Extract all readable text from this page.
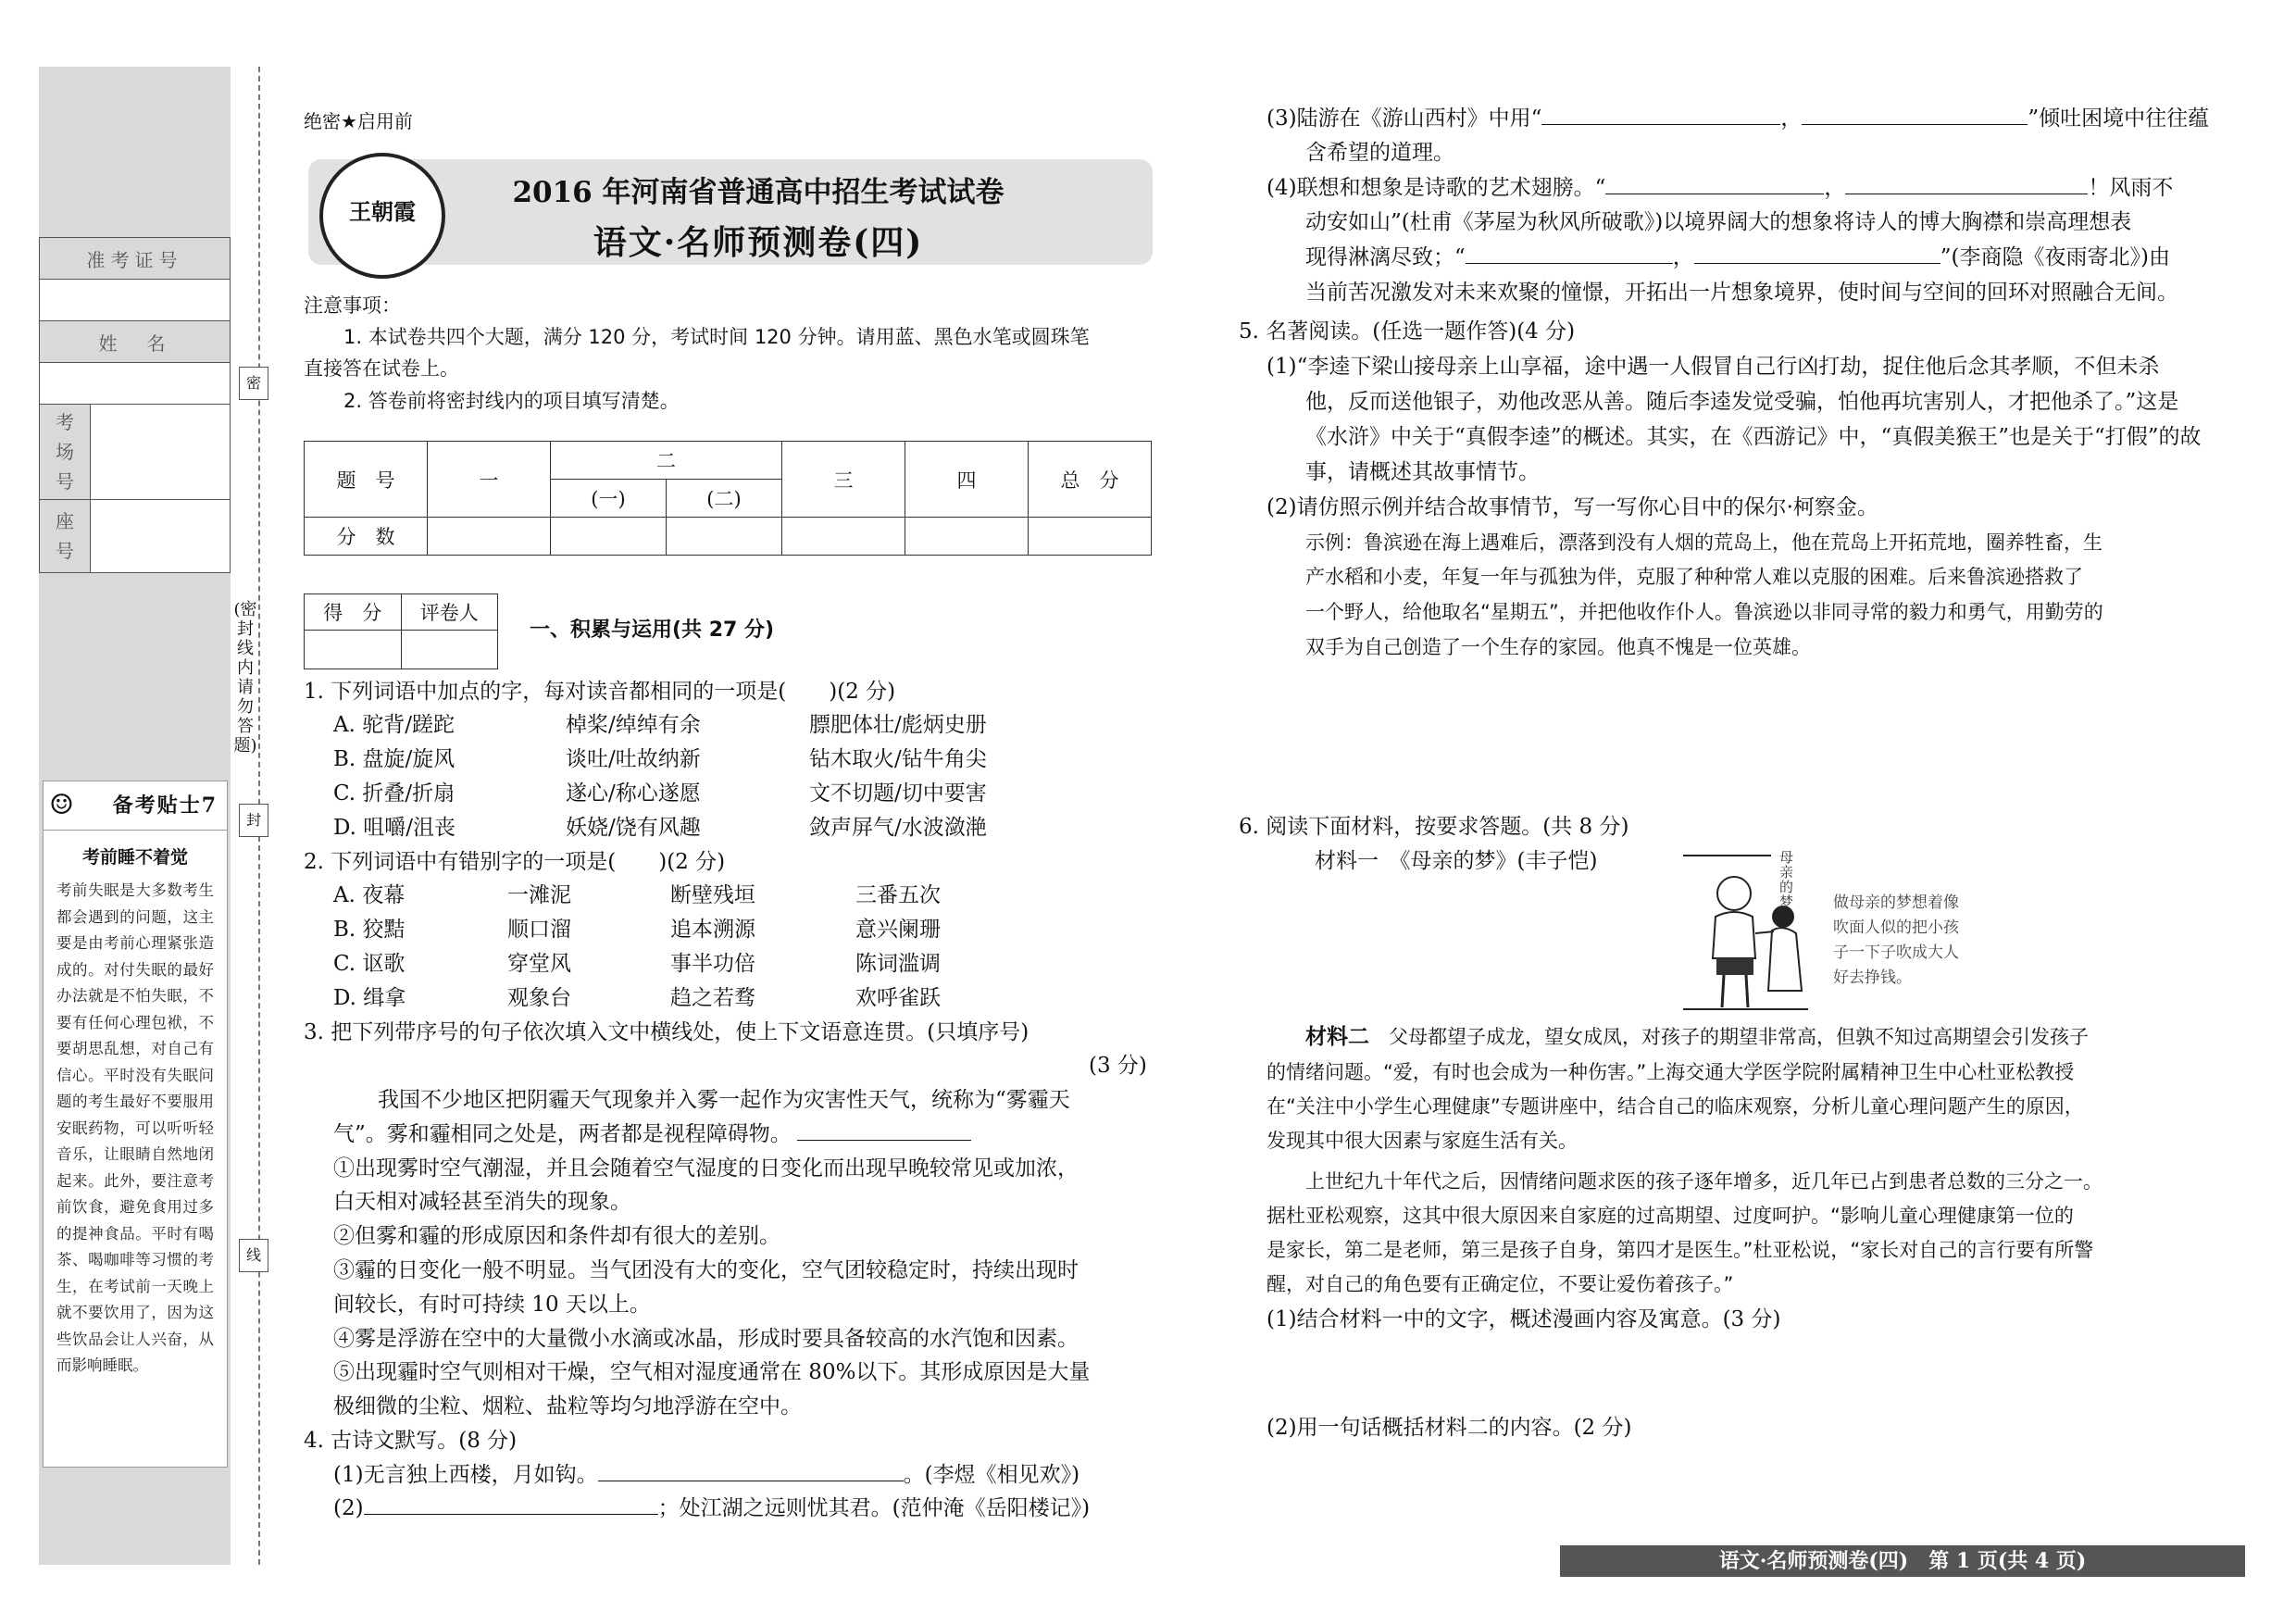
密
封
线
(密封线内请勿答题)
准考证号	

姓　名	

考场号	

座号	

☺ 备考贴士7
考前睡不着觉
考前失眠是大多数考生都会遇到的问题，这主要是由考前心理紧张造成的。对付失眠的最好办法就是不怕失眠，不要有任何心理包袱，不要胡思乱想，对自己有信心。平时没有失眠问题的考生最好不要服用安眠药物，可以听听轻音乐，让眼睛自然地闭起来。此外，要注意考前饮食，避免食用过多的提神食品。平时有喝茶、喝咖啡等习惯的考生，在考试前一天晚上就不要饮用了，因为这些饮品会让人兴奋，从而影响睡眠。
绝密★启用前
王朝霞
2016 年河南省普通高中招生考试试卷
语文·名师预测卷(四)
注意事项：
1. 本试卷共四个大题，满分 120 分，考试时间 120 分钟。请用蓝、黑色水笔或圆珠笔
直接答在试卷上。
2. 答卷前将密封线内的项目填写清楚。
题　号	一	二		三	四	总　分
		(一)	(二)			
分　数						
得　分	评卷人

一、积累与运用(共 27 分)
1. 下列词语中加点的字，每对读音都相同的一项是(　　)(2 分)
A. 驼背/蹉跎	棹桨/绰绰有余	膘肥体壮/彪炳史册
B. 盘旋/旋风	谈吐/吐故纳新	钻木取火/钻牛角尖
C. 折叠/折扇	遂心/称心遂愿	文不切题/切中要害
D. 咀嚼/沮丧	妖娆/饶有风趣	敛声屏气/水波潋滟
2. 下列词语中有错别字的一项是(　　)(2 分)
A. 夜幕	一滩泥	断壁残垣	三番五次
B. 狡黠	顺口溜	追本溯源	意兴阑珊
C. 讴歌	穿堂风	事半功倍	陈词滥调
D. 缉拿	观象台	趋之若骛	欢呼雀跃
3. 把下列带序号的句子依次填入文中横线处，使上下文语意连贯。(只填序号)
(3 分)
我国不少地区把阴霾天气现象并入雾一起作为灾害性天气，统称为“雾霾天
气”。雾和霾相同之处是，两者都是视程障碍物。
①出现雾时空气潮湿，并且会随着空气湿度的日变化而出现早晚较常见或加浓，
白天相对减轻甚至消失的现象。
②但雾和霾的形成原因和条件却有很大的差别。
③霾的日变化一般不明显。当气团没有大的变化，空气团较稳定时，持续出现时
间较长，有时可持续 10 天以上。
④雾是浮游在空中的大量微小水滴或冰晶，形成时要具备较高的水汽饱和因素。
⑤出现霾时空气则相对干燥，空气相对湿度通常在 80%以下。其形成原因是大量
极细微的尘粒、烟粒、盐粒等均匀地浮游在空中。
4. 古诗文默写。(8 分)
(1)无言独上西楼，月如钩。	。(李煜《相见欢》)
(2)	；处江湖之远则忧其君。(范仲淹《岳阳楼记》)
(3)陆游在《游山西村》中用“	，	”倾吐困境中往往蕴
含希望的道理。
(4)联想和想象是诗歌的艺术翅膀。“	，	！风雨不
动安如山”(杜甫《茅屋为秋风所破歌》)以境界阔大的想象将诗人的博大胸襟和崇高理想表
现得淋漓尽致；“	，	”(李商隐《夜雨寄北》)由
当前苦况激发对未来欢聚的憧憬，开拓出一片想象境界，使时间与空间的回环对照融合无间。
5. 名著阅读。(任选一题作答)(4 分)
(1)“李逵下梁山接母亲上山享福，途中遇一人假冒自己行凶打劫，捉住他后念其孝顺，不但未杀
他，反而送他银子，劝他改恶从善。随后李逵发觉受骗，怕他再坑害别人，才把他杀了。”这是
《水浒》中关于“真假李逵”的概述。其实，在《西游记》中，“真假美猴王”也是关于“打假”的故
事，请概述其故事情节。
(2)请仿照示例并结合故事情节，写一写你心目中的保尔·柯察金。
示例：鲁滨逊在海上遇难后，漂落到没有人烟的荒岛上，他在荒岛上开拓荒地，圈养牲畜，生
产水稻和小麦，年复一年与孤独为伴，克服了种种常人难以克服的困难。后来鲁滨逊搭救了
一个野人，给他取名“星期五”，并把他收作仆人。鲁滨逊以非同寻常的毅力和勇气，用勤劳的
双手为自己创造了一个生存的家园。他真不愧是一位英雄。
6. 阅读下面材料，按要求答题。(共 8 分)
材料一　《母亲的梦》(丰子恺)	母亲的梦	做母亲的梦想着像
吹面人似的把小孩
子一下子吹成大人
好去挣钱。
材料二　父母都望子成龙，望女成凤，对孩子的期望非常高，但孰不知过高期望会引发孩子
的情绪问题。“爱，有时也会成为一种伤害。”上海交通大学医学院附属精神卫生中心杜亚松教授
在“关注中小学生心理健康”专题讲座中，结合自己的临床观察，分析儿童心理问题产生的原因，
发现其中很大因素与家庭生活有关。
上世纪九十年代之后，因情绪问题求医的孩子逐年增多，近几年已占到患者总数的三分之一。
据杜亚松观察，这其中很大原因来自家庭的过高期望、过度呵护。“影响儿童心理健康第一位的
是家长，第二是老师，第三是孩子自身，第四才是医生。”杜亚松说，“家长对自己的言行要有所警
醒，对自己的角色要有正确定位，不要让爱伤着孩子。”
(1)结合材料一中的文字，概述漫画内容及寓意。(3 分)
(2)用一句话概括材料二的内容。(2 分)
语文·名师预测卷(四)　第 1 页(共 4 页)
